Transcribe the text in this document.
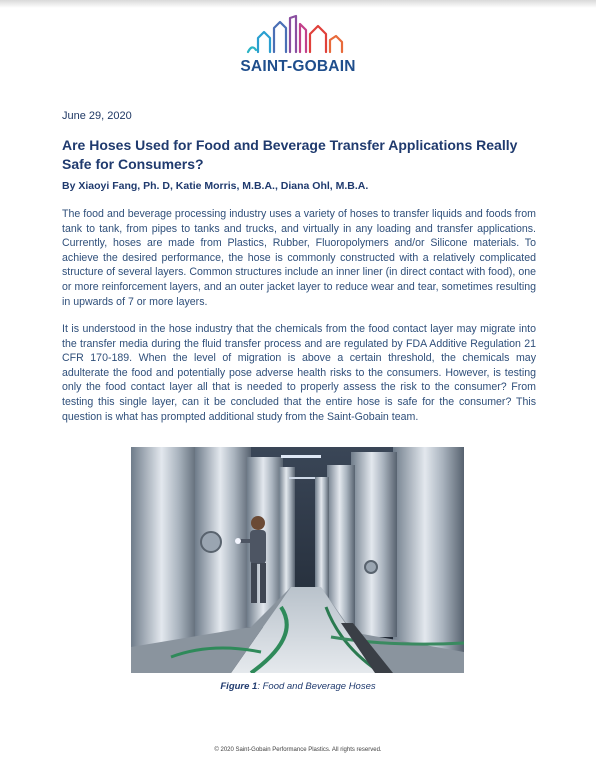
SAINT-GOBAIN
June 29, 2020
Are Hoses Used for Food and Beverage Transfer Applications Really Safe for Consumers?
By Xiaoyi Fang, Ph. D, Katie Morris, M.B.A., Diana Ohl, M.B.A.

The food and beverage processing industry uses a variety of hoses to transfer liquids and foods from tank to tank, from pipes to tanks and trucks, and virtually in any loading and transfer applications. Currently, hoses are made from Plastics, Rubber, Fluoropolymers and/or Silicone materials. To achieve the desired performance, the hose is commonly constructed with a relatively complicated structure of several layers. Common structures include an inner liner (in direct contact with food), one or more reinforcement layers, and an outer jacket layer to reduce wear and tear, sometimes resulting in upwards of 7 or more layers.

It is understood in the hose industry that the chemicals from the food contact layer may migrate into the transfer media during the fluid transfer process and are regulated by FDA Additive Regulation 21 CFR 170-189. When the level of migration is above a certain threshold, the chemicals may adulterate the food and potentially pose adverse health risks to the consumers. However, is testing only the food contact layer all that is needed to properly assess the risk to the consumer? From testing this single layer, can it be concluded that the entire hose is safe for the consumer? This question is what has prompted additional study from the Saint-Gobain team.

Figure 1: Food and Beverage Hoses
© 2020 Saint-Gobain Performance Plastics. All rights reserved.
